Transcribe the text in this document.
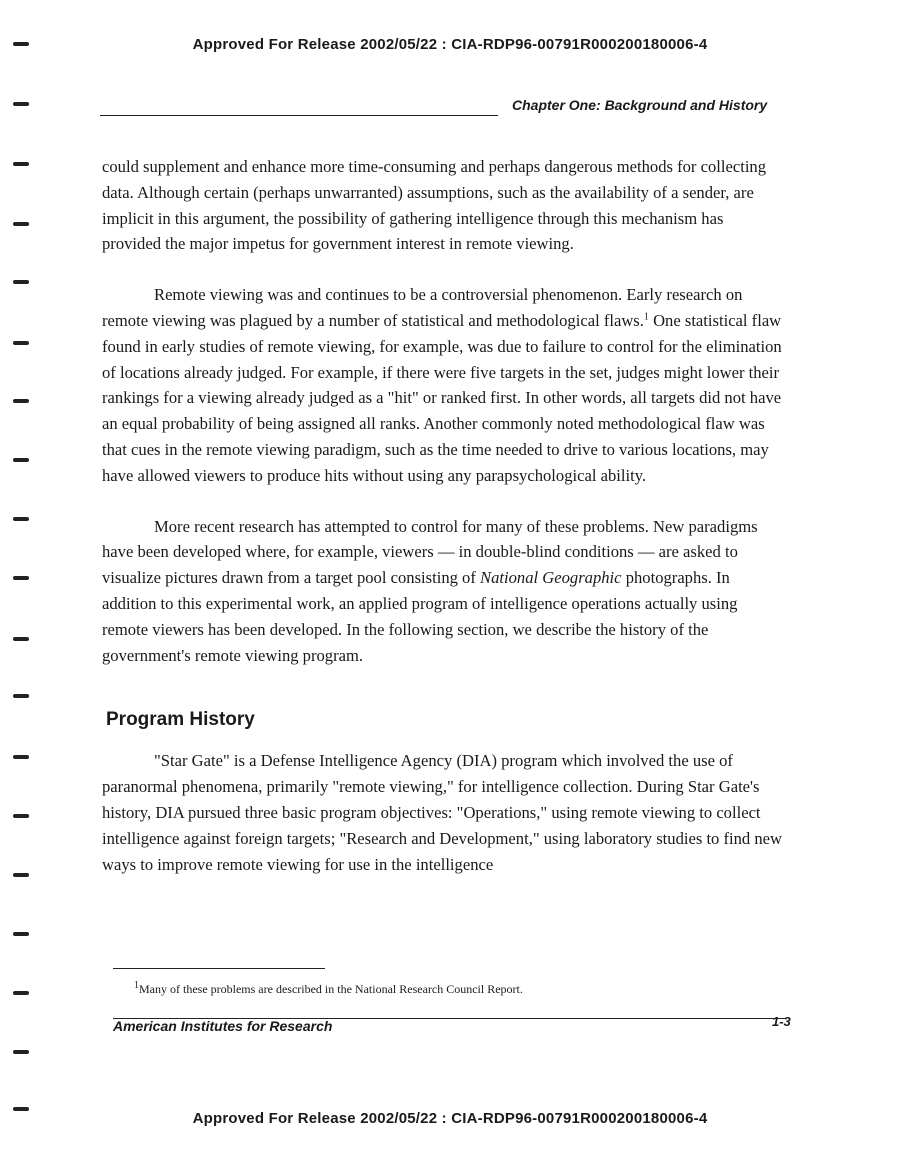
Approved For Release 2002/05/22 : CIA-RDP96-00791R000200180006-4
Chapter One: Background and History

could supplement and enhance more time-consuming and perhaps dangerous methods for collecting data. Although certain (perhaps unwarranted) assumptions, such as the availability of a sender, are implicit in this argument, the possibility of gathering intelligence through this mechanism has provided the major impetus for government interest in remote viewing.

Remote viewing was and continues to be a controversial phenomenon. Early research on remote viewing was plagued by a number of statistical and methodological flaws.$^1$ One statistical flaw found in early studies of remote viewing, for example, was due to failure to control for the elimination of locations already judged. For example, if there were five targets in the set, judges might lower their rankings for a viewing already judged as a "hit" or ranked first. In other words, all targets did not have an equal probability of being assigned all ranks. Another commonly noted methodological flaw was that cues in the remote viewing paradigm, such as the time needed to drive to various locations, may have allowed viewers to produce hits without using any parapsychological ability.

More recent research has attempted to control for many of these problems. New paradigms have been developed where, for example, viewers — in double-blind conditions — are asked to visualize pictures drawn from a target pool consisting of National Geographic photographs. In addition to this experimental work, an applied program of intelligence operations actually using remote viewers has been developed. In the following section, we describe the history of the government's remote viewing program.

Program History

"Star Gate" is a Defense Intelligence Agency (DIA) program which involved the use of paranormal phenomena, primarily "remote viewing," for intelligence collection. During Star Gate's history, DIA pursued three basic program objectives: "Operations," using remote viewing to collect intelligence against foreign targets; "Research and Development," using laboratory studies to find new ways to improve remote viewing for use in the intelligence

$^1$Many of these problems are described in the National Research Council Report.
American Institutes for Research	1-3
Approved For Release 2002/05/22 : CIA-RDP96-00791R000200180006-4
